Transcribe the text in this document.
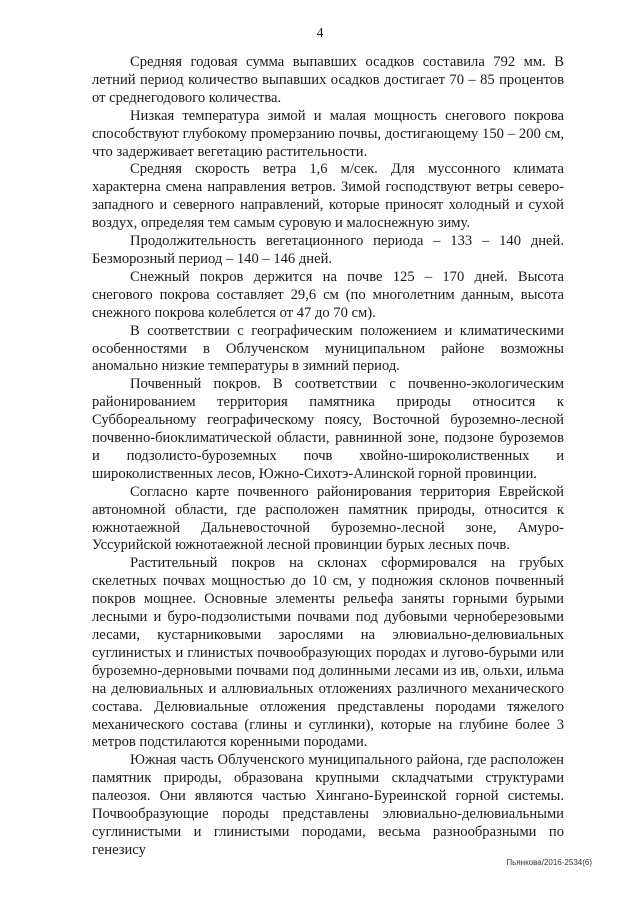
4

Средняя годовая сумма выпавших осадков составила 792 мм. В летний период количество выпавших осадков достигает 70 – 85 процентов от среднегодового количества.

Низкая температура зимой и малая мощность снегового покрова способствуют глубокому промерзанию почвы, достигающему 150 – 200 см, что задерживает вегетацию растительности.

Средняя скорость ветра 1,6 м/сек. Для муссонного климата характерна смена направления ветров. Зимой господствуют ветры северо-западного и северного направлений, которые приносят холодный и сухой воздух, определяя тем самым суровую и малоснежную зиму.

Продолжительность вегетационного периода – 133 – 140 дней. Безморозный период – 140 – 146 дней.

Снежный покров держится на почве 125 – 170 дней. Высота снегового покрова составляет 29,6 см (по многолетним данным, высота снежного покрова колеблется от 47 до 70 см).

В соответствии с географическим положением и климатическими особенностями в Облученском муниципальном районе возможны аномально низкие температуры в зимний период.

Почвенный покров. В соответствии с почвенно-экологическим районированием территория памятника природы относится к Суббореальному географическому поясу, Восточной буроземно-лесной почвенно-биоклиматической области, равнинной зоне, подзоне буроземов и подзолисто-буроземных почв хвойно-широколиственных и широколиственных лесов, Южно-Сихотэ-Алинской горной провинции.

Согласно карте почвенного районирования территория Еврейской автономной области, где расположен памятник природы, относится к южнотаежной Дальневосточной буроземно-лесной зоне, Амуро-Уссурийской южнотаежной лесной провинции бурых лесных почв.

Растительный покров на склонах сформировался на грубых скелетных почвах мощностью до 10 см, у подножия склонов почвенный покров мощнее. Основные элементы рельефа заняты горными бурыми лесными и буро-подзолистыми почвами под дубовыми черноберезовыми лесами, кустарниковыми зарослями на элювиально-делювиальных суглинистых и глинистых почвообразующих породах и лугово-бурыми или буроземно-дерновыми почвами под долинными лесами из ив, ольхи, ильма на делювиальных и аллювиальных отложениях различного механического состава. Делювиальные отложения представлены породами тяжелого механического состава (глины и суглинки), которые на глубине более 3 метров подстилаются коренными породами.

Южная часть Облученского муниципального района, где расположен памятник природы, образована крупными складчатыми структурами палеозоя. Они являются частью Хингано-Буреинской горной системы. Почвообразующие породы представлены элювиально-делювиальными суглинистыми и глинистыми породами, весьма разнообразными по генезису

Пьянкова/2016-2534(6)
